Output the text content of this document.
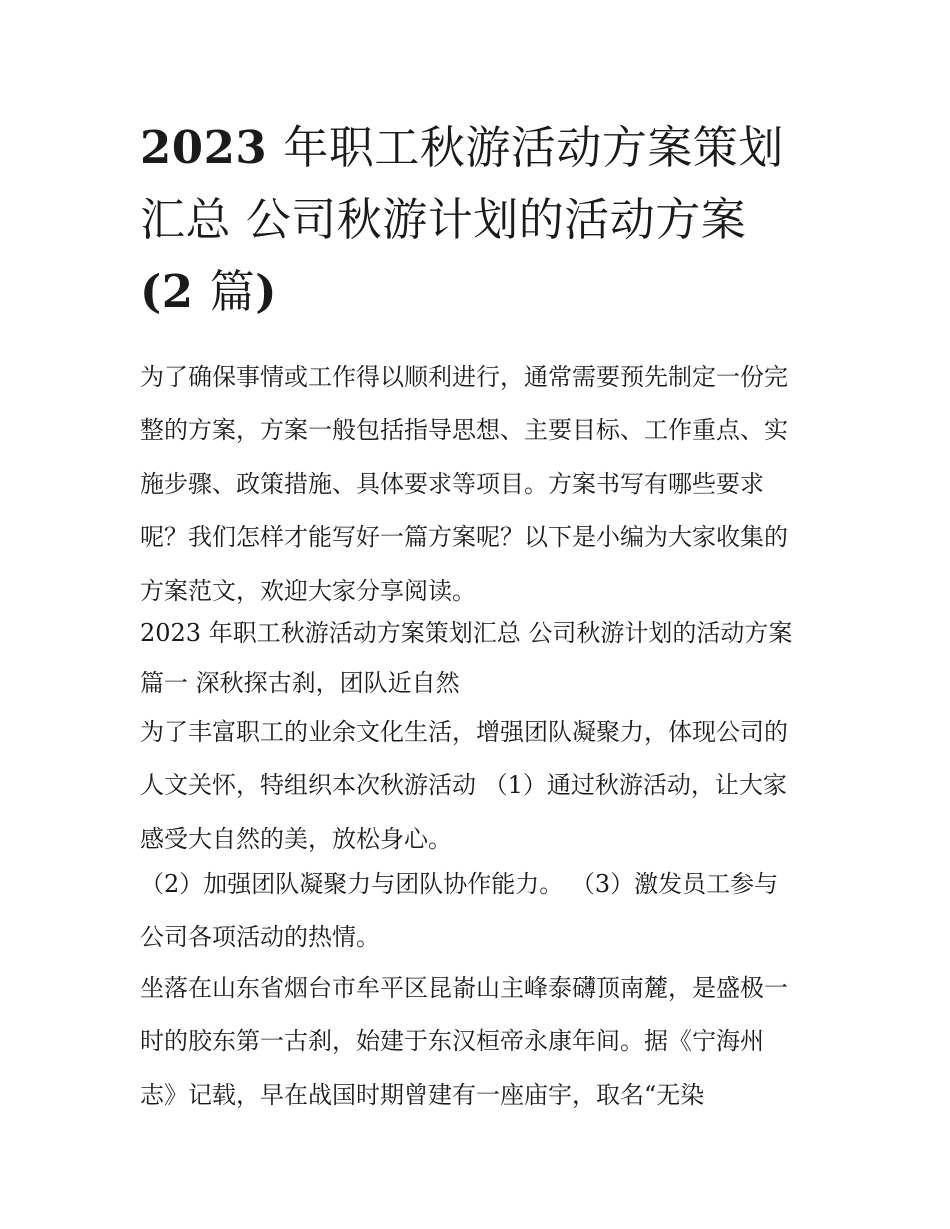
2023 年职工秋游活动方案策划
汇总 公司秋游计划的活动方案
(2 篇)

为了确保事情或工作得以顺利进行，通常需要预先制定一份完
整的方案，方案一般包括指导思想、主要目标、工作重点、实
施步骤、政策措施、具体要求等项目。方案书写有哪些要求
呢？我们怎样才能写好一篇方案呢？以下是小编为大家收集的
方案范文，欢迎大家分享阅读。

2023 年职工秋游活动方案策划汇总 公司秋游计划的活动方案

篇一 深秋探古刹，团队近自然

为了丰富职工的业余文化生活，增强团队凝聚力，体现公司的
人文关怀，特组织本次秋游活动 （1）通过秋游活动，让大家
感受大自然的美，放松身心。

（2）加强团队凝聚力与团队协作能力。 （3）激发员工参与
公司各项活动的热情。

坐落在山东省烟台市牟平区昆嵛山主峰泰礴顶南麓，是盛极一
时的胶东第一古刹，始建于东汉桓帝永康年间。据《宁海州
志》记载，早在战国时期曾建有一座庙宇，取名“无染
